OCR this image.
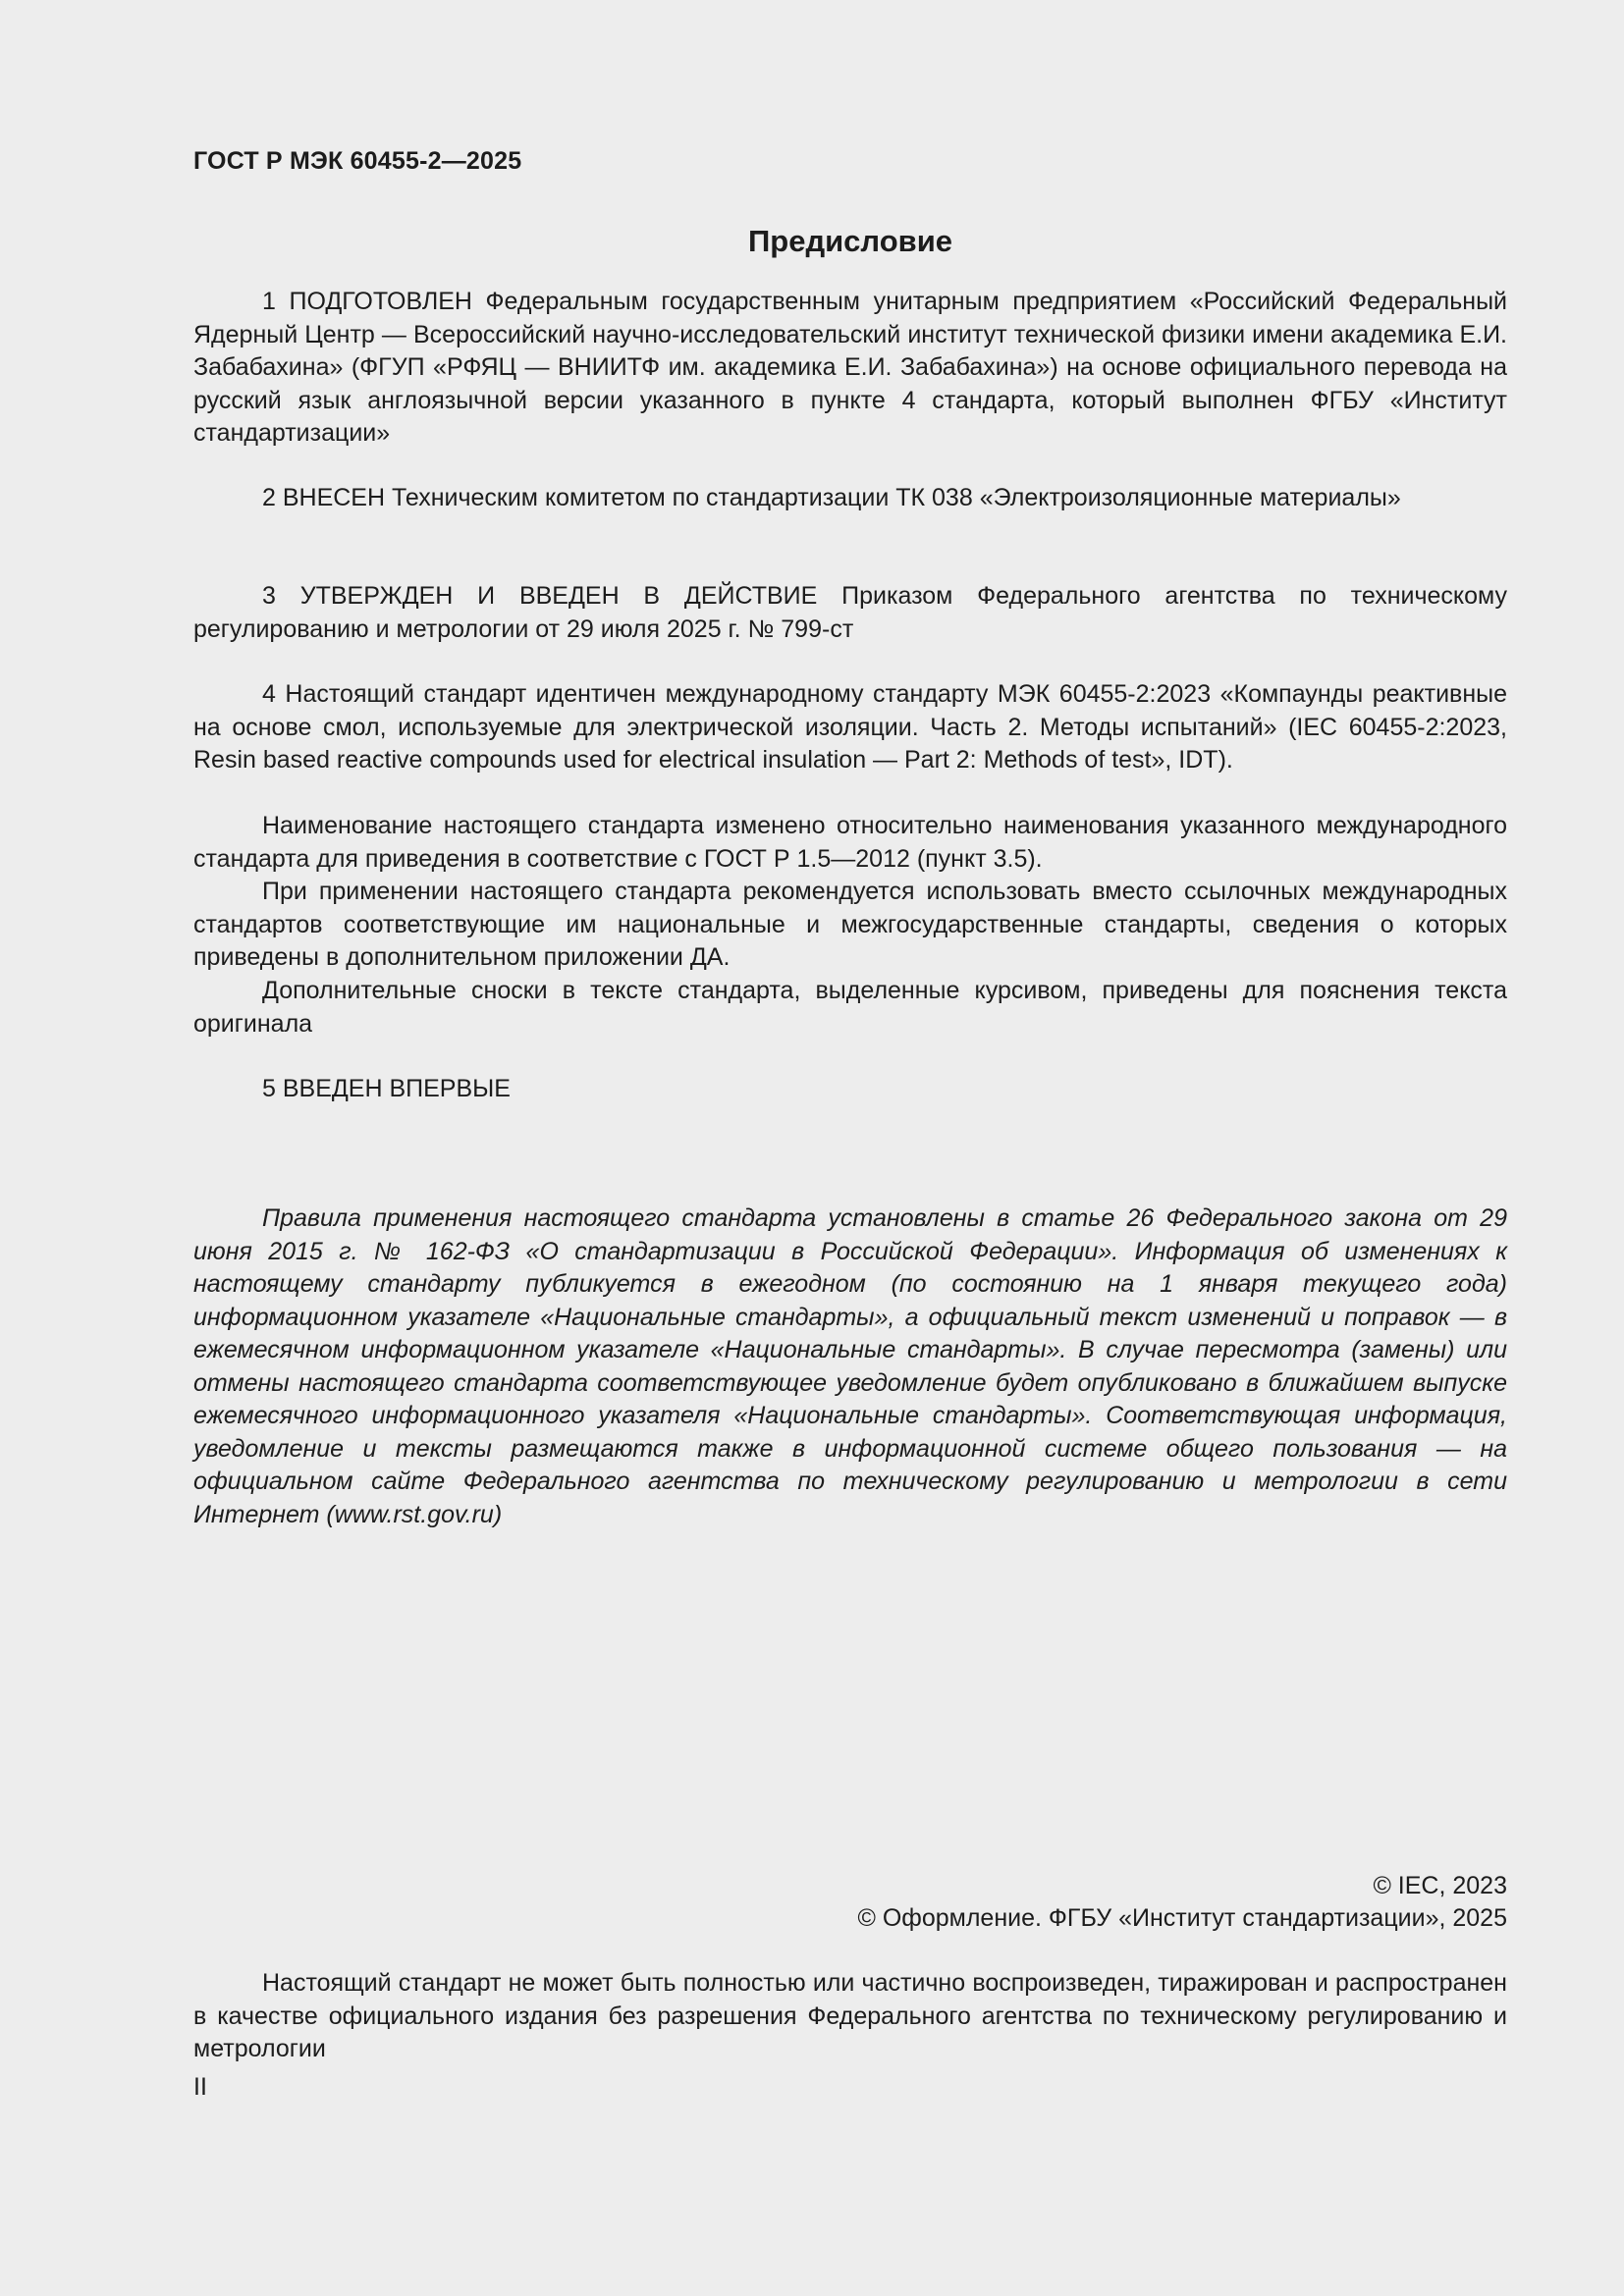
ГОСТ Р МЭК 60455-2—2025
Предисловие

1 ПОДГОТОВЛЕН Федеральным государственным унитарным предприятием «Российский Федеральный Ядерный Центр — Всероссийский научно-исследовательский институт технической физики имени академика Е.И. Забабахина» (ФГУП «РФЯЦ — ВНИИТФ им. академика Е.И. Забабахина») на основе официального перевода на русский язык англоязычной версии указанного в пункте 4 стандарта, который выполнен ФГБУ «Институт стандартизации»

2 ВНЕСЕН Техническим комитетом по стандартизации ТК 038 «Электроизоляционные материалы»

3 УТВЕРЖДЕН И ВВЕДЕН В ДЕЙСТВИЕ Приказом Федерального агентства по техническому регулированию и метрологии от 29 июля 2025 г. № 799-ст

4 Настоящий стандарт идентичен международному стандарту МЭК 60455-2:2023 «Компаунды реактивные на основе смол, используемые для электрической изоляции. Часть 2. Методы испытаний» (IEC 60455-2:2023, Resin based reactive compounds used for electrical insulation — Part 2: Methods of test», IDT).

Наименование настоящего стандарта изменено относительно наименования указанного международного стандарта для приведения в соответствие с ГОСТ Р 1.5—2012 (пункт 3.5).

При применении настоящего стандарта рекомендуется использовать вместо ссылочных международных стандартов соответствующие им национальные и межгосударственные стандарты, сведения о которых приведены в дополнительном приложении ДА.

Дополнительные сноски в тексте стандарта, выделенные курсивом, приведены для пояснения текста оригинала

5 ВВЕДЕН ВПЕРВЫЕ

Правила применения настоящего стандарта установлены в статье 26 Федерального закона от 29 июня 2015 г. № 162-ФЗ «О стандартизации в Российской Федерации». Информация об изменениях к настоящему стандарту публикуется в ежегодном (по состоянию на 1 января текущего года) информационном указателе «Национальные стандарты», а официальный текст изменений и поправок — в ежемесячном информационном указателе «Национальные стандарты». В случае пересмотра (замены) или отмены настоящего стандарта соответствующее уведомление будет опубликовано в ближайшем выпуске ежемесячного информационного указателя «Национальные стандарты». Соответствующая информация, уведомление и тексты размещаются также в информационной системе общего пользования — на официальном сайте Федерального агентства по техническому регулированию и метрологии в сети Интернет (www.rst.gov.ru)

© IEC, 2023
© Оформление. ФГБУ «Институт стандартизации», 2025

Настоящий стандарт не может быть полностью или частично воспроизведен, тиражирован и распространен в качестве официального издания без разрешения Федерального агентства по техническому регулированию и метрологии

II
